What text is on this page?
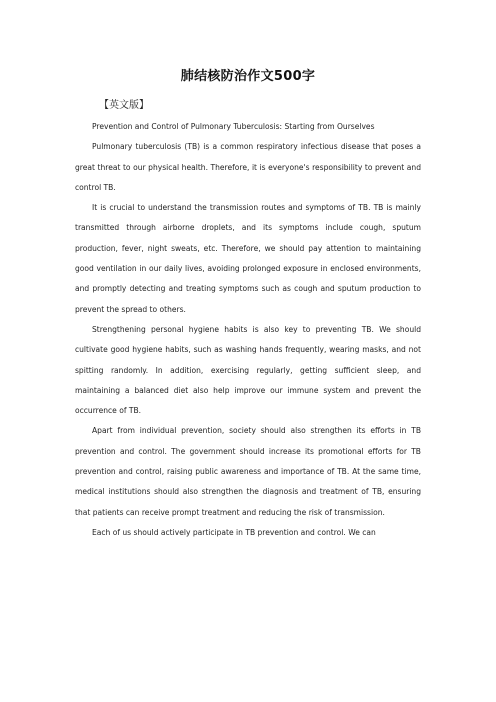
肺结核防治作文500字
【英文版】

Prevention and Control of Pulmonary Tuberculosis: Starting from Ourselves

Pulmonary tuberculosis (TB) is a common respiratory infectious disease that poses a great threat to our physical health. Therefore, it is everyone's responsibility to prevent and control TB.

It is crucial to understand the transmission routes and symptoms of TB. TB is mainly transmitted through airborne droplets, and its symptoms include cough, sputum production, fever, night sweats, etc. Therefore, we should pay attention to maintaining good ventilation in our daily lives, avoiding prolonged exposure in enclosed environments, and promptly detecting and treating symptoms such as cough and sputum production to prevent the spread to others.

Strengthening personal hygiene habits is also key to preventing TB. We should cultivate good hygiene habits, such as washing hands frequently, wearing masks, and not spitting randomly. In addition, exercising regularly, getting sufficient sleep, and maintaining a balanced diet also help improve our immune system and prevent the occurrence of TB.

Apart from individual prevention, society should also strengthen its efforts in TB prevention and control. The government should increase its promotional efforts for TB prevention and control, raising public awareness and importance of TB. At the same time, medical institutions should also strengthen the diagnosis and treatment of TB, ensuring that patients can receive prompt treatment and reducing the risk of transmission.

Each of us should actively participate in TB prevention and control. We can
